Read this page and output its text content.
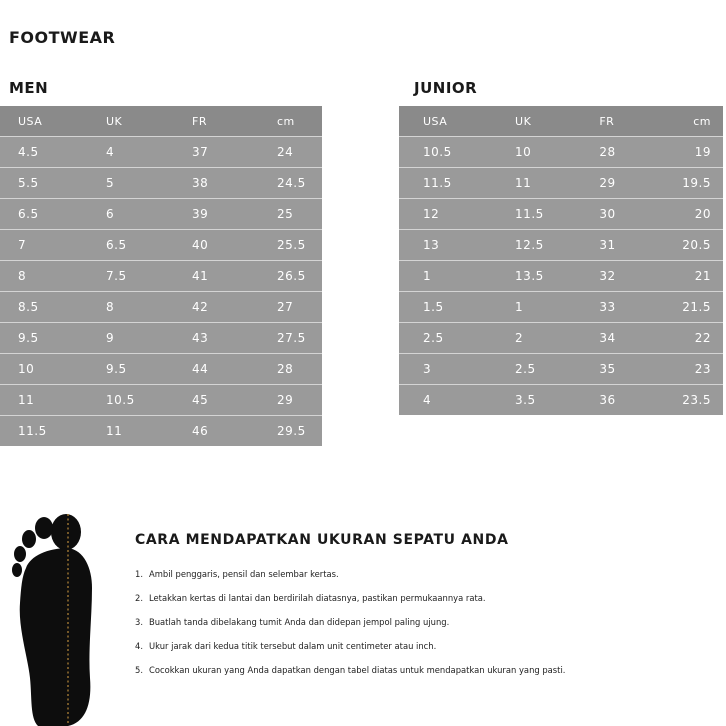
FOOTWEAR
MEN	JUNIOR
USA	UK	FR	cm
4.5	4	37	24
5.5	5	38	24.5
6.5	6	39	25
7	6.5	40	25.5
8	7.5	41	26.5
8.5	8	42	27
9.5	9	43	27.5
10	9.5	44	28
11	10.5	45	29
11.5	11	46	29.5
USA	UK	FR	cm
10.5	10	28	19
11.5	11	29	19.5
12	11.5	30	20
13	12.5	31	20.5
1	13.5	32	21
1.5	1	33	21.5
2.5	2	34	22
3	2.5	35	23
4	3.5	36	23.5
CARA MENDAPATKAN UKURAN SEPATU ANDA
1. Ambil penggaris, pensil dan selembar kertas.
2. Letakkan kertas di lantai dan berdirilah diatasnya, pastikan permukaannya rata.
3. Buatlah tanda dibelakang tumit Anda dan didepan jempol paling ujung.
4. Ukur jarak dari kedua titik tersebut dalam unit centimeter atau inch.
5. Cocokkan ukuran yang Anda dapatkan dengan tabel diatas untuk mendapatkan ukuran yang pasti.
